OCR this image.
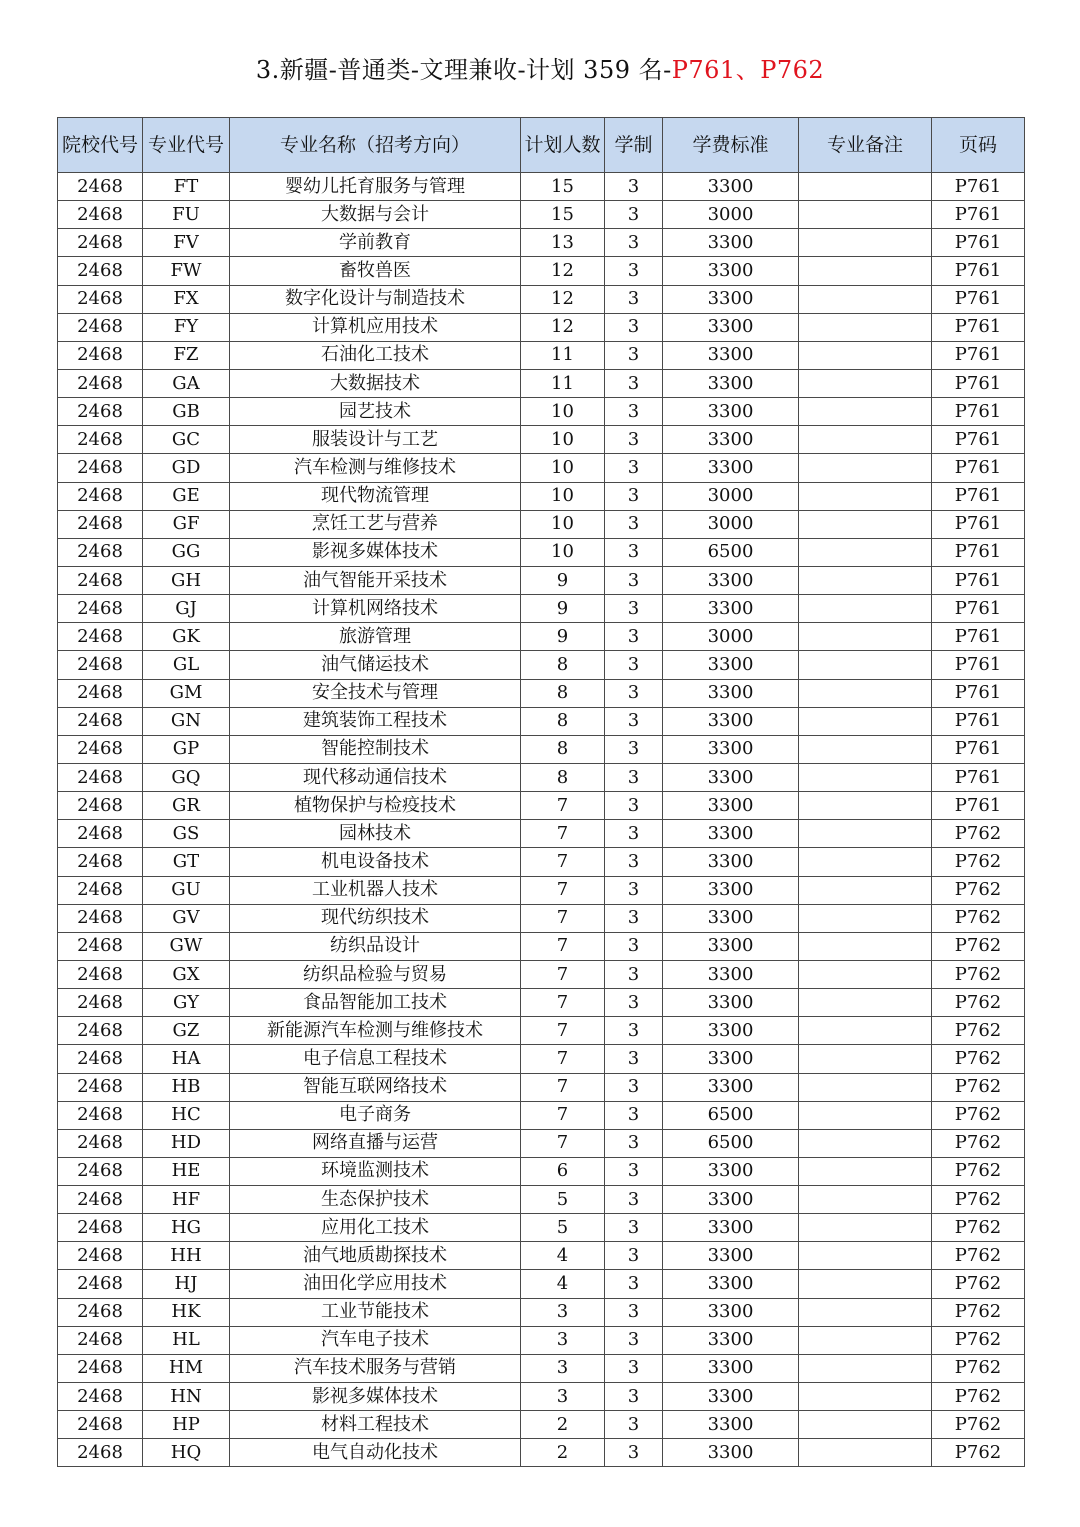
3.新疆-普通类-文理兼收-计划 359 名-P761、P762
院校代号	专业代号	专业名称（招考方向）	计划人数	学制	学费标准	专业备注	页码
2468	FT	婴幼儿托育服务与管理	15	3	3300		P761
2468	FU	大数据与会计	15	3	3000		P761
2468	FV	学前教育	13	3	3300		P761
2468	FW	畜牧兽医	12	3	3300		P761
2468	FX	数字化设计与制造技术	12	3	3300		P761
2468	FY	计算机应用技术	12	3	3300		P761
2468	FZ	石油化工技术	11	3	3300		P761
2468	GA	大数据技术	11	3	3300		P761
2468	GB	园艺技术	10	3	3300		P761
2468	GC	服装设计与工艺	10	3	3300		P761
2468	GD	汽车检测与维修技术	10	3	3300		P761
2468	GE	现代物流管理	10	3	3000		P761
2468	GF	烹饪工艺与营养	10	3	3000		P761
2468	GG	影视多媒体技术	10	3	6500		P761
2468	GH	油气智能开采技术	9	3	3300		P761
2468	GJ	计算机网络技术	9	3	3300		P761
2468	GK	旅游管理	9	3	3000		P761
2468	GL	油气储运技术	8	3	3300		P761
2468	GM	安全技术与管理	8	3	3300		P761
2468	GN	建筑装饰工程技术	8	3	3300		P761
2468	GP	智能控制技术	8	3	3300		P761
2468	GQ	现代移动通信技术	8	3	3300		P761
2468	GR	植物保护与检疫技术	7	3	3300		P761
2468	GS	园林技术	7	3	3300		P762
2468	GT	机电设备技术	7	3	3300		P762
2468	GU	工业机器人技术	7	3	3300		P762
2468	GV	现代纺织技术	7	3	3300		P762
2468	GW	纺织品设计	7	3	3300		P762
2468	GX	纺织品检验与贸易	7	3	3300		P762
2468	GY	食品智能加工技术	7	3	3300		P762
2468	GZ	新能源汽车检测与维修技术	7	3	3300		P762
2468	HA	电子信息工程技术	7	3	3300		P762
2468	HB	智能互联网络技术	7	3	3300		P762
2468	HC	电子商务	7	3	6500		P762
2468	HD	网络直播与运营	7	3	6500		P762
2468	HE	环境监测技术	6	3	3300		P762
2468	HF	生态保护技术	5	3	3300		P762
2468	HG	应用化工技术	5	3	3300		P762
2468	HH	油气地质勘探技术	4	3	3300		P762
2468	HJ	油田化学应用技术	4	3	3300		P762
2468	HK	工业节能技术	3	3	3300		P762
2468	HL	汽车电子技术	3	3	3300		P762
2468	HM	汽车技术服务与营销	3	3	3300		P762
2468	HN	影视多媒体技术	3	3	3300		P762
2468	HP	材料工程技术	2	3	3300		P762
2468	HQ	电气自动化技术	2	3	3300		P762
